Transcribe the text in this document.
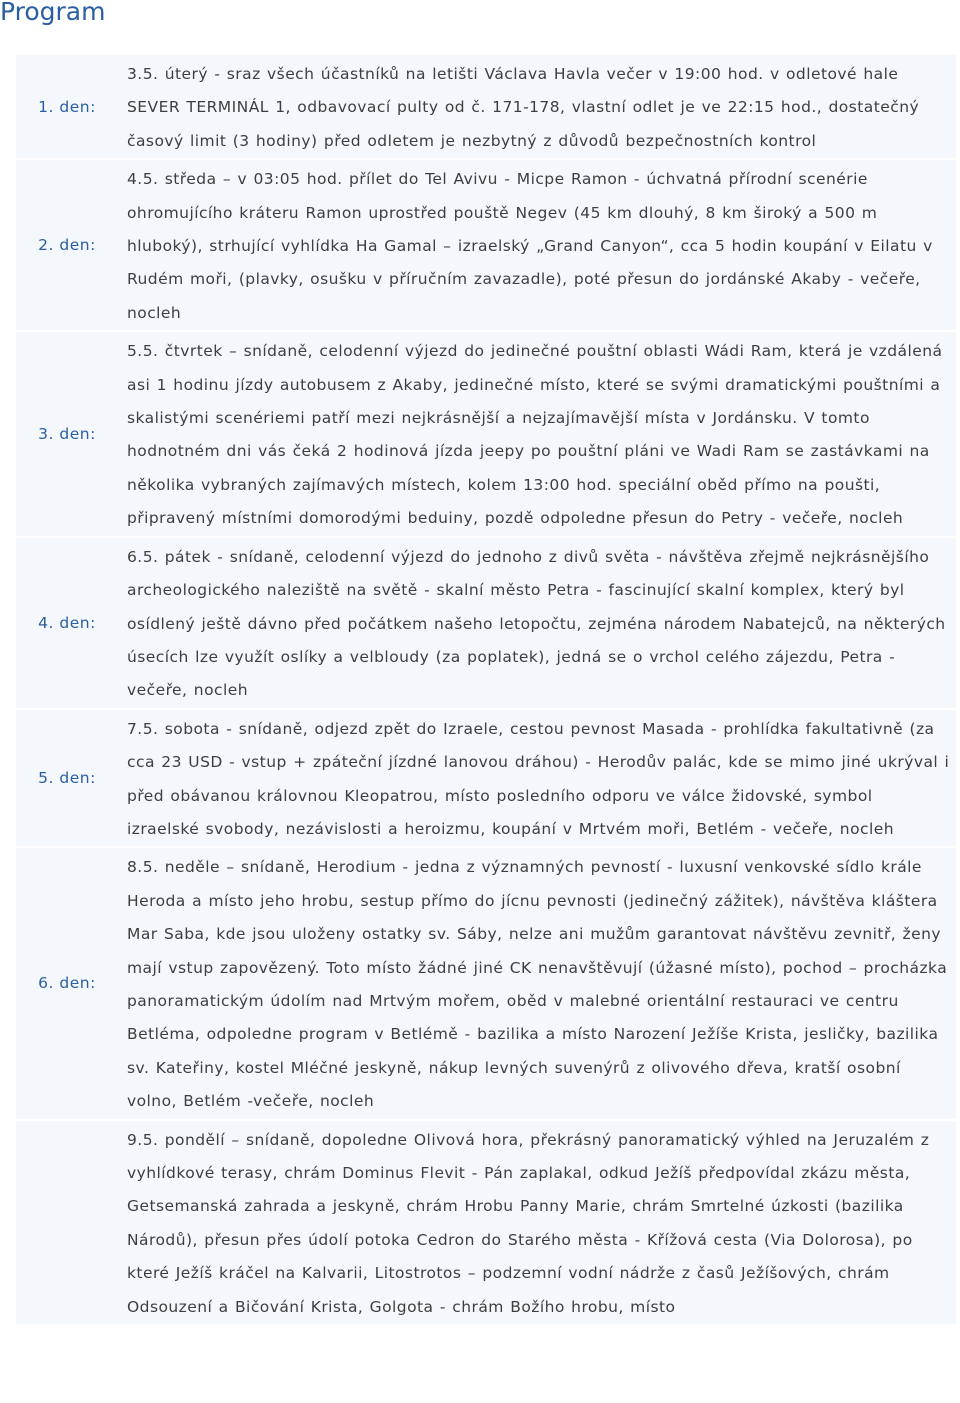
Program
1. den:	3.5. úterý - sraz všech účastníků na letišti Václava Havla večer v 19:00 hod. v odletové hale SEVER TERMINÁL 1, odbavovací pulty od č. 171-178, vlastní odlet je ve 22:15 hod., dostatečný časový limit (3 hodiny) před odletem je nezbytný z důvodů bezpečnostních kontrol
2. den:	4.5. středa – v 03:05 hod. přílet do Tel Avivu - Micpe Ramon - úchvatná přírodní scenérie ohromujícího kráteru Ramon uprostřed pouště Negev (45 km dlouhý, 8 km široký a 500 m hluboký), strhující vyhlídka Ha Gamal – izraelský „Grand Canyon“, cca 5 hodin koupání v Eilatu v Rudém moři, (plavky, osušku v příručním zavazadle), poté přesun do jordánské Akaby - večeře, nocleh
3. den:	5.5. čtvrtek – snídaně, celodenní výjezd do jedinečné pouštní oblasti Wádi Ram, která je vzdálená asi 1 hodinu jízdy autobusem z Akaby, jedinečné místo, které se svými dramatickými pouštními a skalistými scenériemi patří mezi nejkrásnější a nejzajímavější místa v Jordánsku. V tomto hodnotném dni vás čeká 2 hodinová jízda jeepy po pouštní pláni ve Wadi Ram se zastávkami na několika vybraných zajímavých místech, kolem 13:00 hod. speciální oběd přímo na poušti, připravený místními domorodými beduiny, pozdě odpoledne přesun do Petry - večeře, nocleh
4. den:	6.5. pátek - snídaně, celodenní výjezd do jednoho z divů světa - návštěva zřejmě nejkrásnějšího archeologického naleziště na světě - skalní město Petra - fascinující skalní komplex, který byl osídlený ještě dávno před počátkem našeho letopočtu, zejména národem Nabatejců, na některých úsecích lze využít oslíky a velbloudy (za poplatek), jedná se o vrchol celého zájezdu, Petra - večeře, nocleh
5. den:	7.5. sobota - snídaně, odjezd zpět do Izraele, cestou pevnost Masada - prohlídka fakultativně (za cca 23 USD - vstup + zpáteční jízdné lanovou dráhou) - Herodův palác, kde se mimo jiné ukrýval i před obávanou královnou Kleopatrou, místo posledního odporu ve válce židovské, symbol izraelské svobody, nezávislosti a heroizmu, koupání v Mrtvém moři, Betlém - večeře, nocleh
6. den:	8.5. neděle – snídaně, Herodium - jedna z významných pevností - luxusní venkovské sídlo krále Heroda a místo jeho hrobu, sestup přímo do jícnu pevnosti (jedinečný zážitek), návštěva kláštera Mar Saba, kde jsou uloženy ostatky sv. Sáby, nelze ani mužům garantovat návštěvu zevnitř, ženy mají vstup zapovězený. Toto místo žádné jiné CK nenavštěvují (úžasné místo), pochod – procházka panoramatickým údolím nad Mrtvým mořem, oběd v malebné orientální restauraci ve centru Betléma, odpoledne program v Betlémě - bazilika a místo Narození Ježíše Krista, jesličky, bazilika sv. Kateřiny, kostel Mléčné jeskyně, nákup levných suvenýrů z olivového dřeva, kratší osobní volno, Betlém -večeře, nocleh
	9.5. pondělí – snídaně, dopoledne Olivová hora, překrásný panoramatický výhled na Jeruzalém z vyhlídkové terasy, chrám Dominus Flevit - Pán zaplakal, odkud Ježíš předpovídal zkázu města, Getsemanská zahrada a jeskyně, chrám Hrobu Panny Marie, chrám Smrtelné úzkosti (bazilika Národů), přesun přes údolí potoka Cedron do Starého města - Křížová cesta (Via Dolorosa), po které Ježíš kráčel na Kalvarii, Litostrotos – podzemní vodní nádrže z časů Ježíšových, chrám Odsouzení a Bičování Krista, Golgota - chrám Božího hrobu, místo
